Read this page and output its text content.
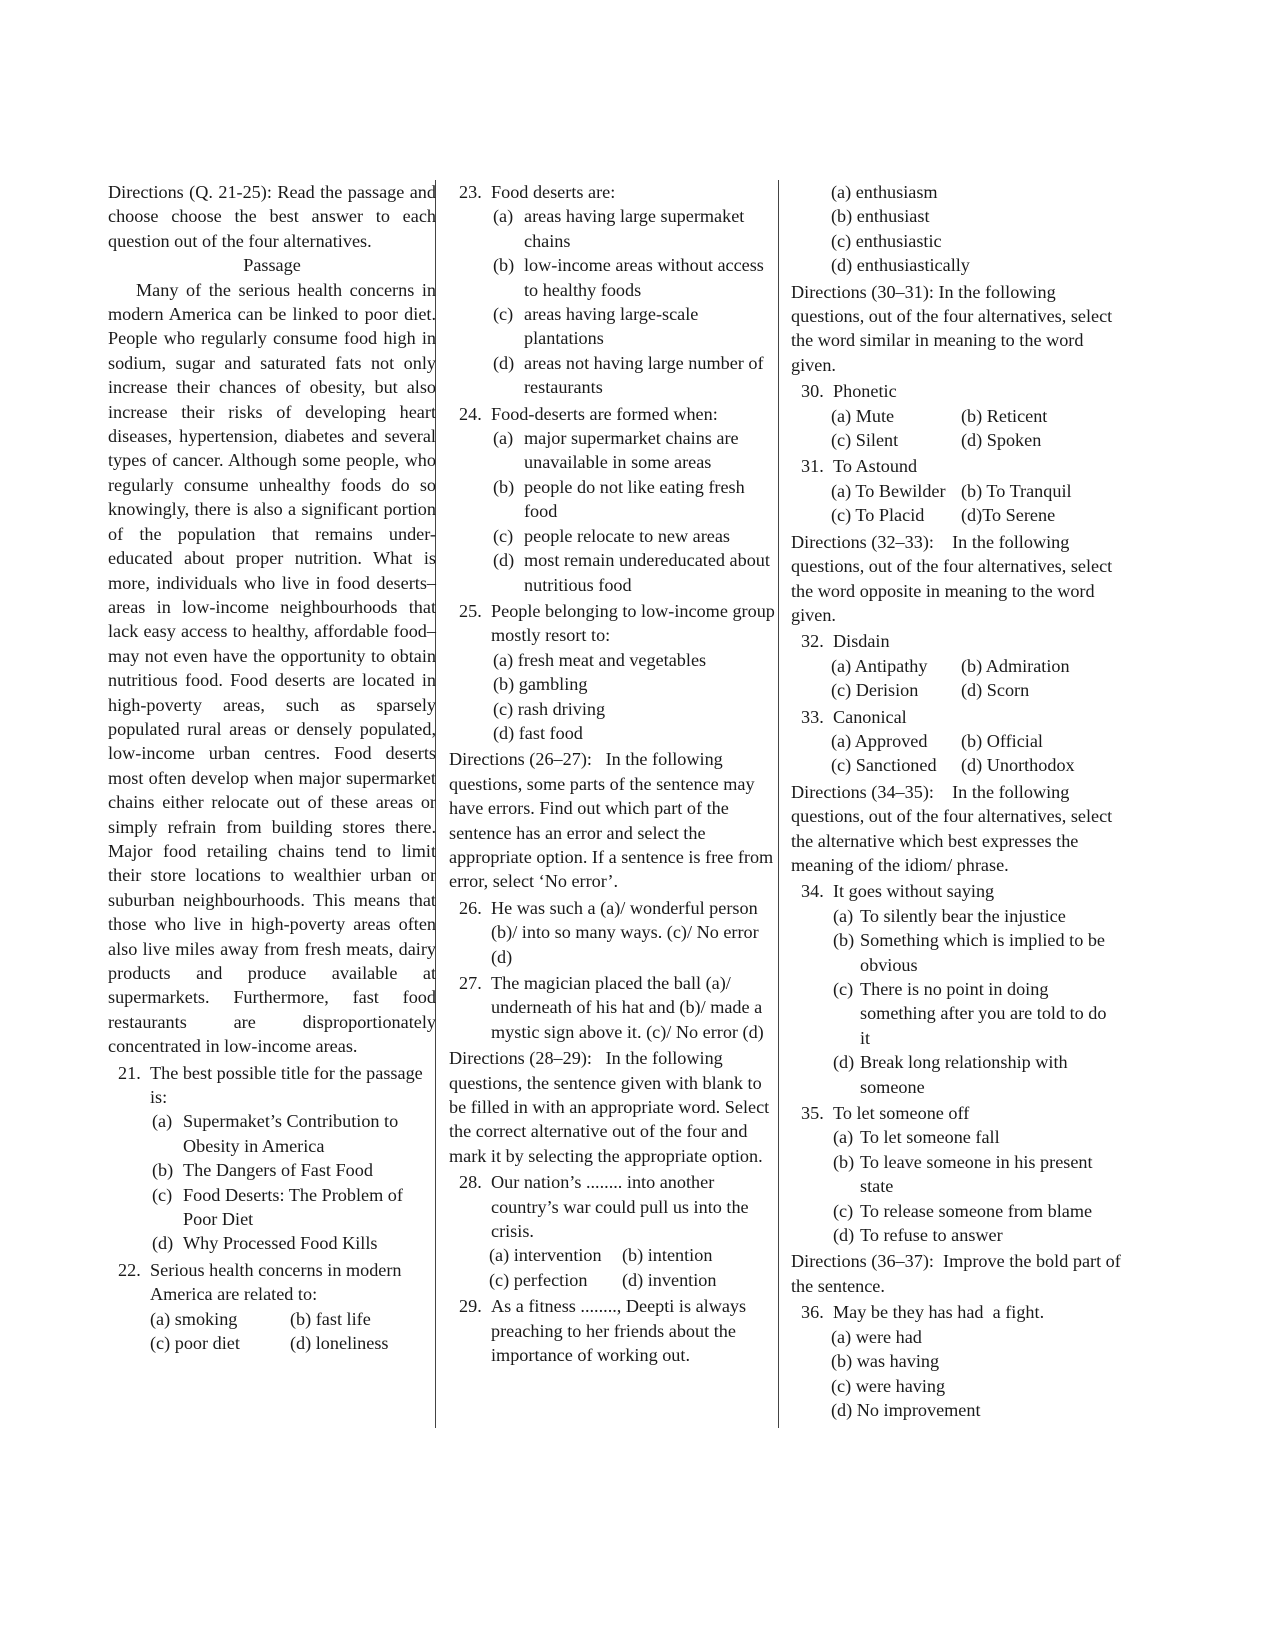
Directions (Q. 21-25): Read the passage and choose choose the best answer to each question out of the four alternatives.

Passage

Many of the serious health concerns in modern America can be linked to poor diet. People who regularly consume food high in sodium, sugar and saturated fats not only increase their chances of obesity, but also increase their risks of developing heart diseases, hypertension, diabetes and several types of cancer. Although some people, who regularly consume unhealthy foods do so knowingly, there is also a significant portion of the population that remains under-educated about proper nutrition. What is more, individuals who live in food deserts–areas in low-income neighbourhoods that lack easy access to healthy, affordable food–may not even have the opportunity to obtain nutritious food. Food deserts are located in high-poverty areas, such as sparsely populated rural areas or densely populated, low-income urban centres. Food deserts most often develop when major supermarket chains either relocate out of these areas or simply refrain from building stores there. Major food retailing chains tend to limit their store locations to wealthier urban or suburban neighbourhoods. This means that those who live in high-poverty areas often also live miles away from fresh meats, dairy products and produce available at supermarkets. Furthermore, fast food restaurants are disproportionately concentrated in low-income areas.

21. The best possible title for the passage is:
(a) Supermaket’s Contribution to Obesity in America
(b) The Dangers of Fast Food
(c) Food Deserts: The Problem of Poor Diet
(d) Why Processed Food Kills
22. Serious health concerns in modern America are related to:
(a) smoking	(b) fast life
(c) poor diet	(d) loneliness
23. Food deserts are:
(a) areas having large supermaket chains
(b) low-income areas without access to healthy foods
(c) areas having large-scale plantations
(d) areas not having large number of restaurants
24. Food-deserts are formed when:
(a) major supermarket chains are unavailable in some areas
(b) people do not like eating fresh food
(c) people relocate to new areas
(d) most remain undereducated about nutritious food
25. People belonging to low-income group mostly resort to:
(a) fresh meat and vegetables
(b) gambling
(c) rash driving
(d) fast food

Directions (26–27):   In the following questions, some parts of the sentence may have errors. Find out which part of the sentence has an error and select the appropriate option. If a sentence is free from error, select ‘No error’.

26. He was such a (a)/ wonderful person (b)/ into so many ways. (c)/ No error (d)
27. The magician placed the ball (a)/ underneath of his hat and (b)/ made a mystic sign above it. (c)/ No error (d)

Directions (28–29):   In the following questions, the sentence given with blank to be filled in with an appropriate word. Select the correct alternative out of the four and mark it by selecting the appropriate option.

28. Our nation’s ........ into another country’s war could pull us into the crisis.
(a) intervention	(b) intention
(c) perfection	(d) invention
29. As a fitness ........, Deepti is always preaching to her friends about the importance of working out.
(a) enthusiasm
(b) enthusiast
(c) enthusiastic
(d) enthusiastically

Directions (30–31): In the following questions, out of the four alternatives, select the word similar in meaning to the word given.

30. Phonetic
(a) Mute	(b) Reticent
(c) Silent	(d) Spoken
31. To Astound
(a) To Bewilder (b) To Tranquil
(c) To Placid	(d)To Serene

Directions (32–33):    In the following questions, out of the four alternatives, select the word opposite in meaning to the word given.

32. Disdain
(a) Antipathy	(b) Admiration
(c) Derision	(d) Scorn
33. Canonical
(a) Approved	(b) Official
(c) Sanctioned	(d) Unorthodox

Directions (34–35):    In the following questions, out of the four alternatives, select the alternative which best expresses the meaning of the idiom/ phrase.

34. It goes without saying
(a) To silently bear the injustice
(b) Something which is implied to be obvious
(c) There is no point in doing something after you are told to do it
(d) Break long relationship with someone
35. To let someone off
(a) To let someone fall
(b) To leave someone in his present state
(c) To release someone from blame
(d) To refuse to answer

Directions (36–37):  Improve the bold part of the sentence.

36. May be they has had  a fight.
(a) were had
(b) was having
(c) were having
(d) No improvement
